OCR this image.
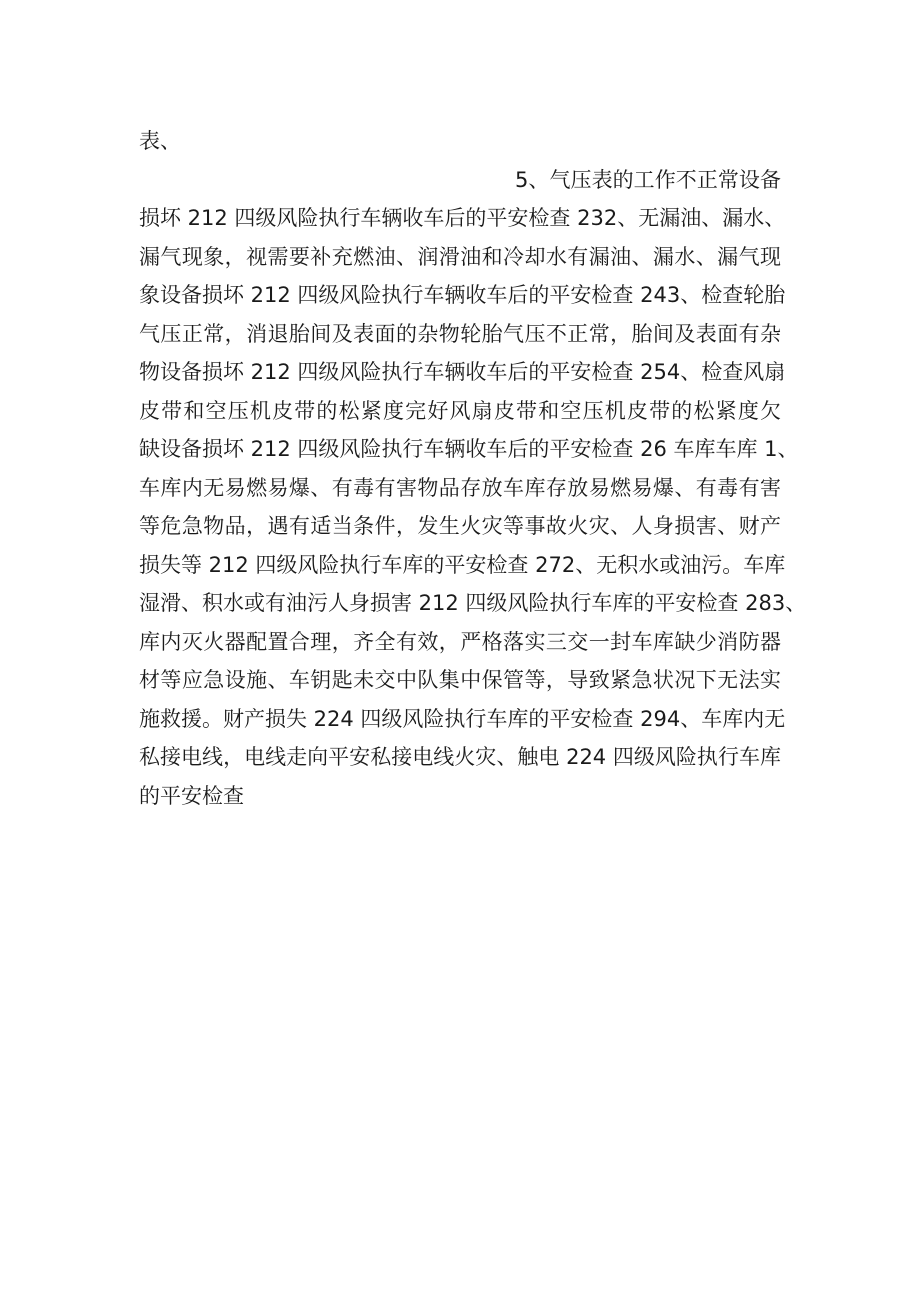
表、
5、气压表的工作不正常设备
损坏 212 四级风险执行车辆收车后的平安检查 232、无漏油、漏水、
漏气现象，视需要补充燃油、润滑油和冷却水有漏油、漏水、漏气现
象设备损坏 212 四级风险执行车辆收车后的平安检查 243、检查轮胎
气压正常，消退胎间及表面的杂物轮胎气压不正常，胎间及表面有杂
物设备损坏 212 四级风险执行车辆收车后的平安检查 254、检查风扇
皮带和空压机皮带的松紧度完好风扇皮带和空压机皮带的松紧度欠
缺设备损坏 212 四级风险执行车辆收车后的平安检查 26 车库车库 1、
车库内无易燃易爆、有毒有害物品存放车库存放易燃易爆、有毒有害
等危急物品，遇有适当条件，发生火灾等事故火灾、人身损害、财产
损失等 212 四级风险执行车库的平安检查 272、无积水或油污。车库
湿滑、积水或有油污人身损害 212 四级风险执行车库的平安检查 283、
库内灭火器配置合理，齐全有效，严格落实三交一封车库缺少消防器
材等应急设施、车钥匙未交中队集中保管等，导致紧急状况下无法实
施救援。财产损失 224 四级风险执行车库的平安检查 294、车库内无
私接电线，电线走向平安私接电线火灾、触电 224 四级风险执行车库
的平安检查
